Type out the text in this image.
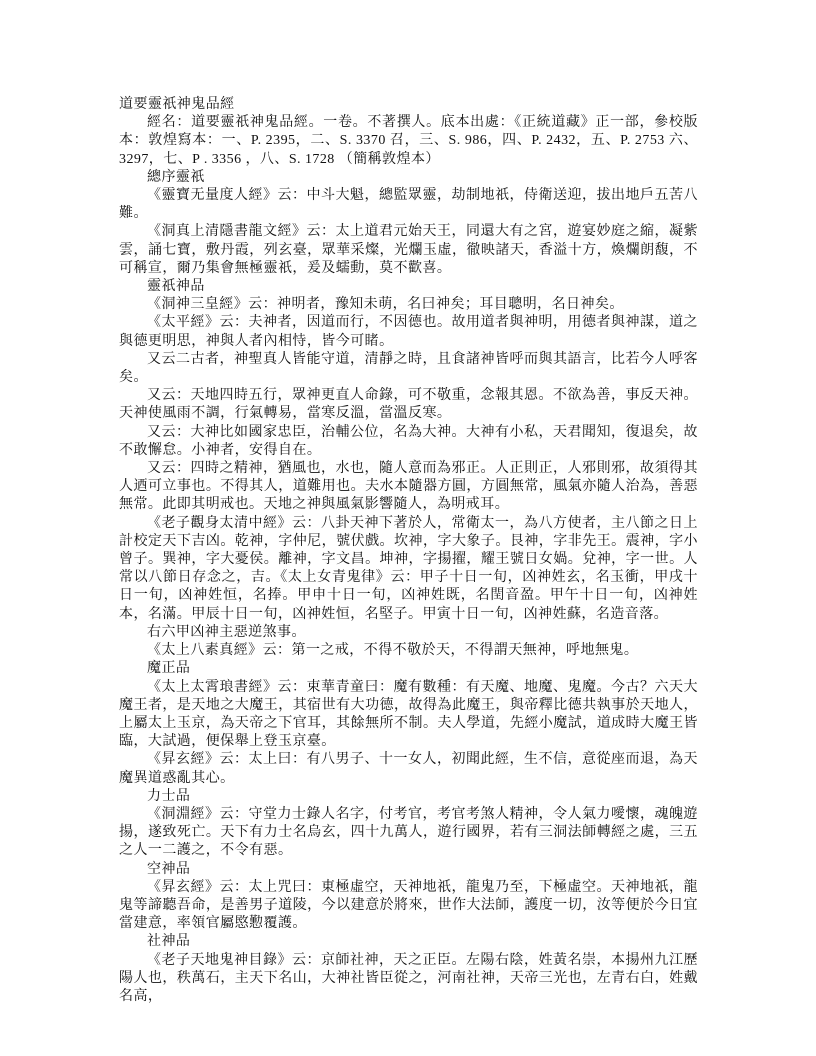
道要靈祇神鬼品經

經名：道要靈祇神鬼品經。一卷。不著撰人。底本出處：《正統道藏》正一部，參校版本：敦煌寫本：一、P. 2395，二、S. 3370 召，三、S. 986，四、P. 2432，五、P. 2753 六、3297，七、P . 3356 ，八、S. 1728 （簡稱敦煌本）

總序靈祇

《靈寶无量度人經》云：中斗大魁，總監眾靈，劫制地祇，侍衛送迎，拔出地戶五苦八難。

《洞真上清隱書龍文經》云：太上道君元始天王，同還大有之宮，遊宴妙庭之縮，凝紫雲，誦七寶，敷丹霞，列玄臺，眾華采燦，光爛玉虛，徹映諸天，香溢十方，煥爛朗馥，不可稱宣，爾乃集會無極靈祇，爰及蠕動，莫不歡喜。

靈祇神品

《洞神三皇經》云：神明者，豫知未萌，名曰神矣；耳目聰明，名日神矣。

《太平經》云：夫神者，因道而行，不因德也。故用道者與神明，用德者與神謀，道之與德更明思，神與人者內相恃，皆今可睹。

又云二古者，神聖真人皆能守道，清靜之時，且食諸神皆呼而與其語言，比若今人呼客矣。

又云：天地四時五行，眾神更直人命錄，可不敬重，念報其恩。不欲為善，事反天神。天神使風雨不調，行氣轉易，當寒反溫，當溫反寒。

又云：大神比如國家忠臣，治輔公位，名為大神。大神有小私，天君聞知，復退矣，故不敢懈怠。小神者，安得自在。

又云：四時之精神，猶風也，水也，隨人意而為邪正。人正則正，人邪則邪，故須得其人迺可立事也。不得其人，道難用也。夫水本隨器方圓，方圓無常，風氣亦隨人治為，善惡無常。此即其明戒也。天地之神與風氣影響隨人，為明戒耳。

《老子觀身太清中經》云：八卦天神下著於人，常衛太一，為八方使者，主八節之日上計校定天下吉凶。乾神，字仲尼，號伏戲。坎神，字大象子。艮神，字非先王。震神，字小曾子。巽神，字大憂侯。離神，字文昌。坤神，字揚擢，耀王號日女媧。兌神，字一世。人常以八節日存念之，吉。《太上女青鬼律》云：甲子十日一旬，凶神姓玄，名玉衝，甲戌十日一旬，凶神姓恒，名捧。甲申十日一旬，凶神姓既，名閏音盈。甲午十日一旬，凶神姓本，名滿。甲辰十日一旬，凶神姓恒，名堅子。甲寅十日一旬，凶神姓蘇，名造音落。

右六甲凶神主惡逆煞事。

《太上八素真經》云：第一之戒，不得不敬於天，不得謂天無神，呼地無鬼。

魔正品

《太上太霄琅書經》云：束華青童曰：魔有數種：有天魔、地魔、鬼魔。今古？六天大魔王者，是天地之大魔王，其宿世有大功德，故得為此魔王，與帝釋比德共執事於天地人，上屬太上玉京，為天帝之下官耳，其餘無所不制。夫人學道，先經小魔試，道成時大魔王皆臨，大試過，便保舉上登玉京臺。

《昇玄經》云：太上曰：有八男子、十一女人，初聞此經，生不信，意從座而退，為天魔異道惑亂其心。

力士品

《洞淵經》云：守堂力士錄人名字，付考官，考官考煞人精神，令人氣力噯懷，魂魄遊揚，遂致死亡。天下有力士名烏玄，四十九萬人，遊行國界，若有三洞法師轉經之處，三五之人一二護之，不令有惡。

空神品

《昇玄經》云：太上咒曰：東極虛空，天神地祇，龍鬼乃至，下極虛空。天神地祇，龍鬼等諦聽吾命，是善男子道陵，今以建意於將來，世作大法師，護度一切，汝等便於今日宜當建意，率領官屬愍懃覆護。

社神品

《老子天地鬼神目錄》云：京師社神，天之正臣。左陽右陰，姓黃名崇，本揚州九江歷陽人也，秩萬石，主天下名山，大神社皆臣從之，河南社神，天帝三光也，左青右白，姓戴名高，
